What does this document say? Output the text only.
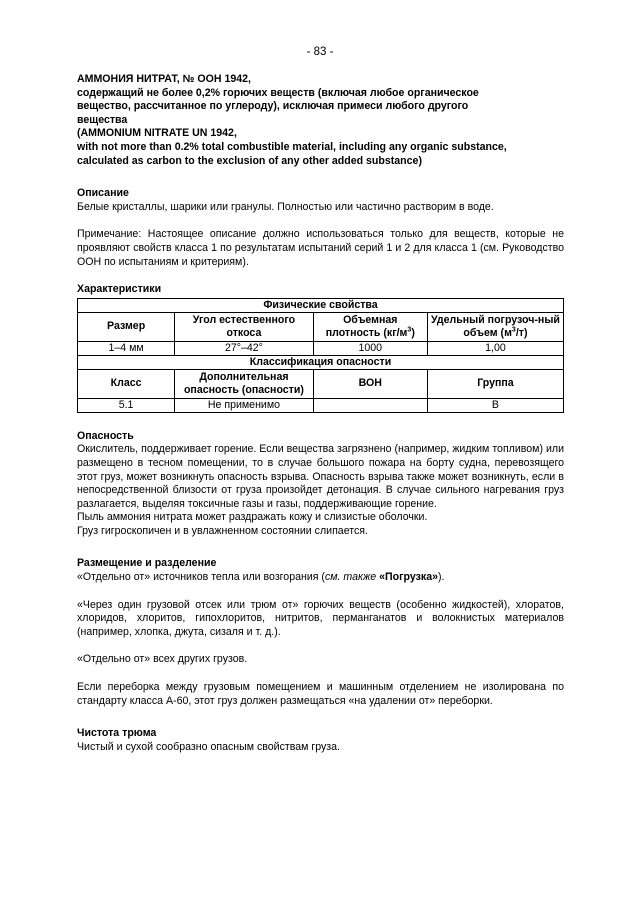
- 83 -
АММОНИЯ НИТРАТ, № ООН 1942,
содержащий не более 0,2% горючих веществ (включая любое органическое
вещество, рассчитанное по углероду), исключая примеси любого другого
вещества
(AMMONIUM NITRATE UN 1942,
with not more than 0.2% total combustible material, including any organic substance,
calculated as carbon to the exclusion of any other added substance)
Описание

Белые кристаллы, шарики или гранулы. Полностью или частично растворим в воде.

Примечание: Настоящее описание должно использоваться только для веществ, которые не проявляют свойств класса 1 по результатам испытаний серий 1 и 2 для класса 1 (см. Руководство ООН по испытаниям и критериям).

Характеристики
Физические свойства			
Размер	Угол естественного откоса	Объемная плотность $(кг/м^3)$	Удельный погрузоч-ный объем $(м^3/т)$
1–4 мм	27°–42°	1000	1,00
Классификация опасности			
Класс	Дополнительная опасность (опасности)	ВОН	Группа
5.1	Не применимо		B
Опасность

Окислитель, поддерживает горение. Если вещества загрязнено (например, жидким топливом) или размещено в тесном помещении, то в случае большого пожара на борту судна, перевозящего этот груз, может возникнуть опасность взрыва. Опасность взрыва также может возникнуть, если в непосредственной близости от груза произойдет детонация. В случае сильного нагревания груз разлагается, выделяя токсичные газы и газы, поддерживающие горение.

Пыль аммония нитрата может раздражать кожу и слизистые оболочки.

Груз гигроскопичен и в увлажненном состоянии слипается.

Размещение и разделение

«Отдельно от» источников тепла или возгорания (см. также «Погрузка»).

«Через один грузовой отсек или трюм от» горючих веществ (особенно жидкостей), хлоратов, хлоридов, хлоритов, гипохлоритов, нитритов, перманганатов и волокнистых материалов (например, хлопка, джута, сизаля и т. д.).

«Отдельно от» всех других грузов.

Если переборка между грузовым помещением и машинным отделением не изолирована по стандарту класса А-60, этот груз должен размещаться «на удалении от» переборки.

Чистота трюма

Чистый и сухой сообразно опасным свойствам груза.
